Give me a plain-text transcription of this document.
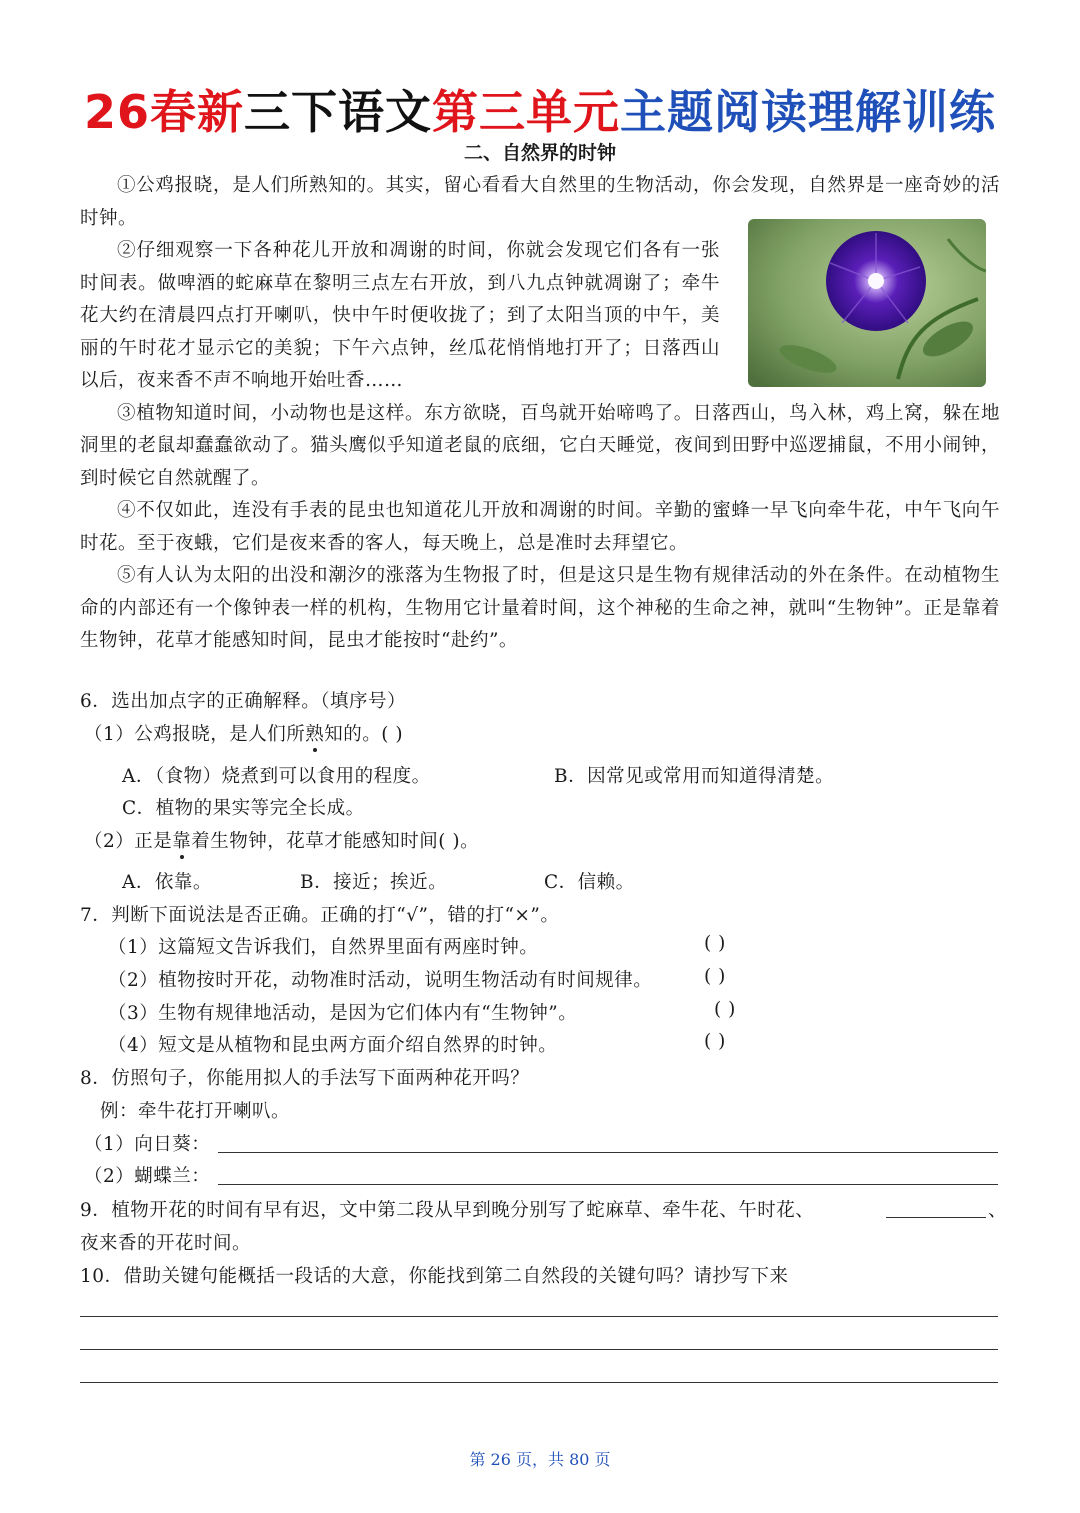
26春新三下语文第三单元主题阅读理解训练
二、自然界的时钟

①公鸡报晓，是人们所熟知的。其实，留心看看大自然里的生物活动，你会发现，自然界是一座奇妙的活时钟。

②仔细观察一下各种花儿开放和凋谢的时间，你就会发现它们各有一张时间表。做啤酒的蛇麻草在黎明三点左右开放，到八九点钟就凋谢了；牵牛花大约在清晨四点打开喇叭，快中午时便收拢了；到了太阳当顶的中午，美丽的午时花才显示它的美貌；下午六点钟，丝瓜花悄悄地打开了；日落西山以后，夜来香不声不响地开始吐香……

③植物知道时间，小动物也是这样。东方欲晓，百鸟就开始啼鸣了。日落西山，鸟入林，鸡上窝，躲在地洞里的老鼠却蠢蠢欲动了。猫头鹰似乎知道老鼠的底细，它白天睡觉，夜间到田野中巡逻捕鼠，不用小闹钟，到时候它自然就醒了。

④不仅如此，连没有手表的昆虫也知道花儿开放和凋谢的时间。辛勤的蜜蜂一早飞向牵牛花，中午飞向午时花。至于夜蛾，它们是夜来香的客人，每天晚上，总是准时去拜望它。

⑤有人认为太阳的出没和潮汐的涨落为生物报了时，但是这只是生物有规律活动的外在条件。在动植物生命的内部还有一个像钟表一样的机构，生物用它计量着时间，这个神秘的生命之神，就叫“生物钟”。正是靠着生物钟，花草才能感知时间，昆虫才能按时“赴约”。

6．选出加点字的正确解释。（填序号）
（1）公鸡报晓，是人们所熟知的。( )
A．（食物）烧煮到可以食用的程度。	B．因常见或常用而知道得清楚。
C．植物的果实等完全长成。
（2）正是靠着生物钟，花草才能感知时间( )。
A．依靠。	B．接近；挨近。	C．信赖。
7．判断下面说法是否正确。正确的打“√”，错的打“×”。
（1）这篇短文告诉我们，自然界里面有两座时钟。	( )
（2）植物按时开花，动物准时活动，说明生物活动有时间规律。	( )
（3）生物有规律地活动，是因为它们体内有“生物钟”。	( )
（4）短文是从植物和昆虫两方面介绍自然界的时钟。	( )
8．仿照句子，你能用拟人的手法写下面两种花开吗？
例：牵牛花打开喇叭。
（1）向日葵：
（2）蝴蝶兰：
9．植物开花的时间有早有迟，文中第二段从早到晚分别写了蛇麻草、牵牛花、午时花、	、
夜来香的开花时间。
10．借助关键句能概括一段话的大意，你能找到第二自然段的关键句吗？请抄写下来
第 26 页，共 80 页
